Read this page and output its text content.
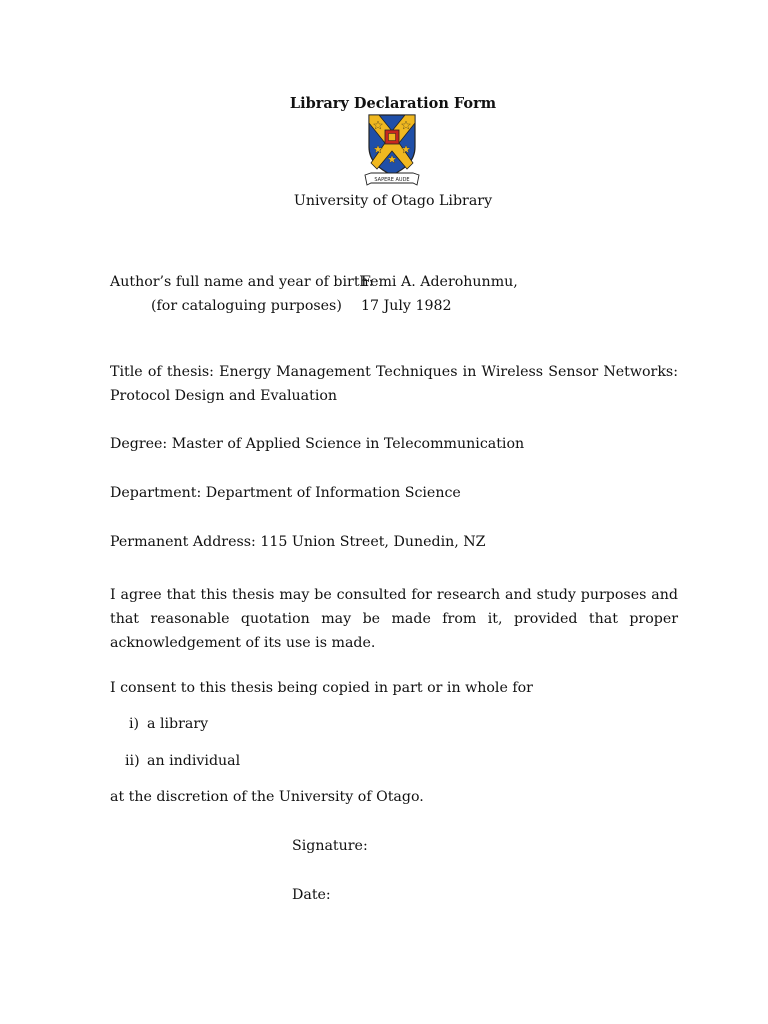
Library Declaration Form
SAPERE AUDE
University of Otago Library
Author’s full name and year of birth:
Femi A. Aderohunmu,
(for cataloguing purposes) 17 July 1982
Title of thesis: Energy Management Techniques in Wireless Sensor Networks: Protocol Design and Evaluation
Degree: Master of Applied Science in Telecommunication
Department: Department of Information Science
Permanent Address: 115 Union Street, Dunedin, NZ
I agree that this thesis may be consulted for research and study purposes and that reasonable quotation may be made from it, provided that proper acknowledgement of its use is made.
I consent to this thesis being copied in part or in whole for
i) a library
ii) an individual
at the discretion of the University of Otago.
Signature:
Date:
